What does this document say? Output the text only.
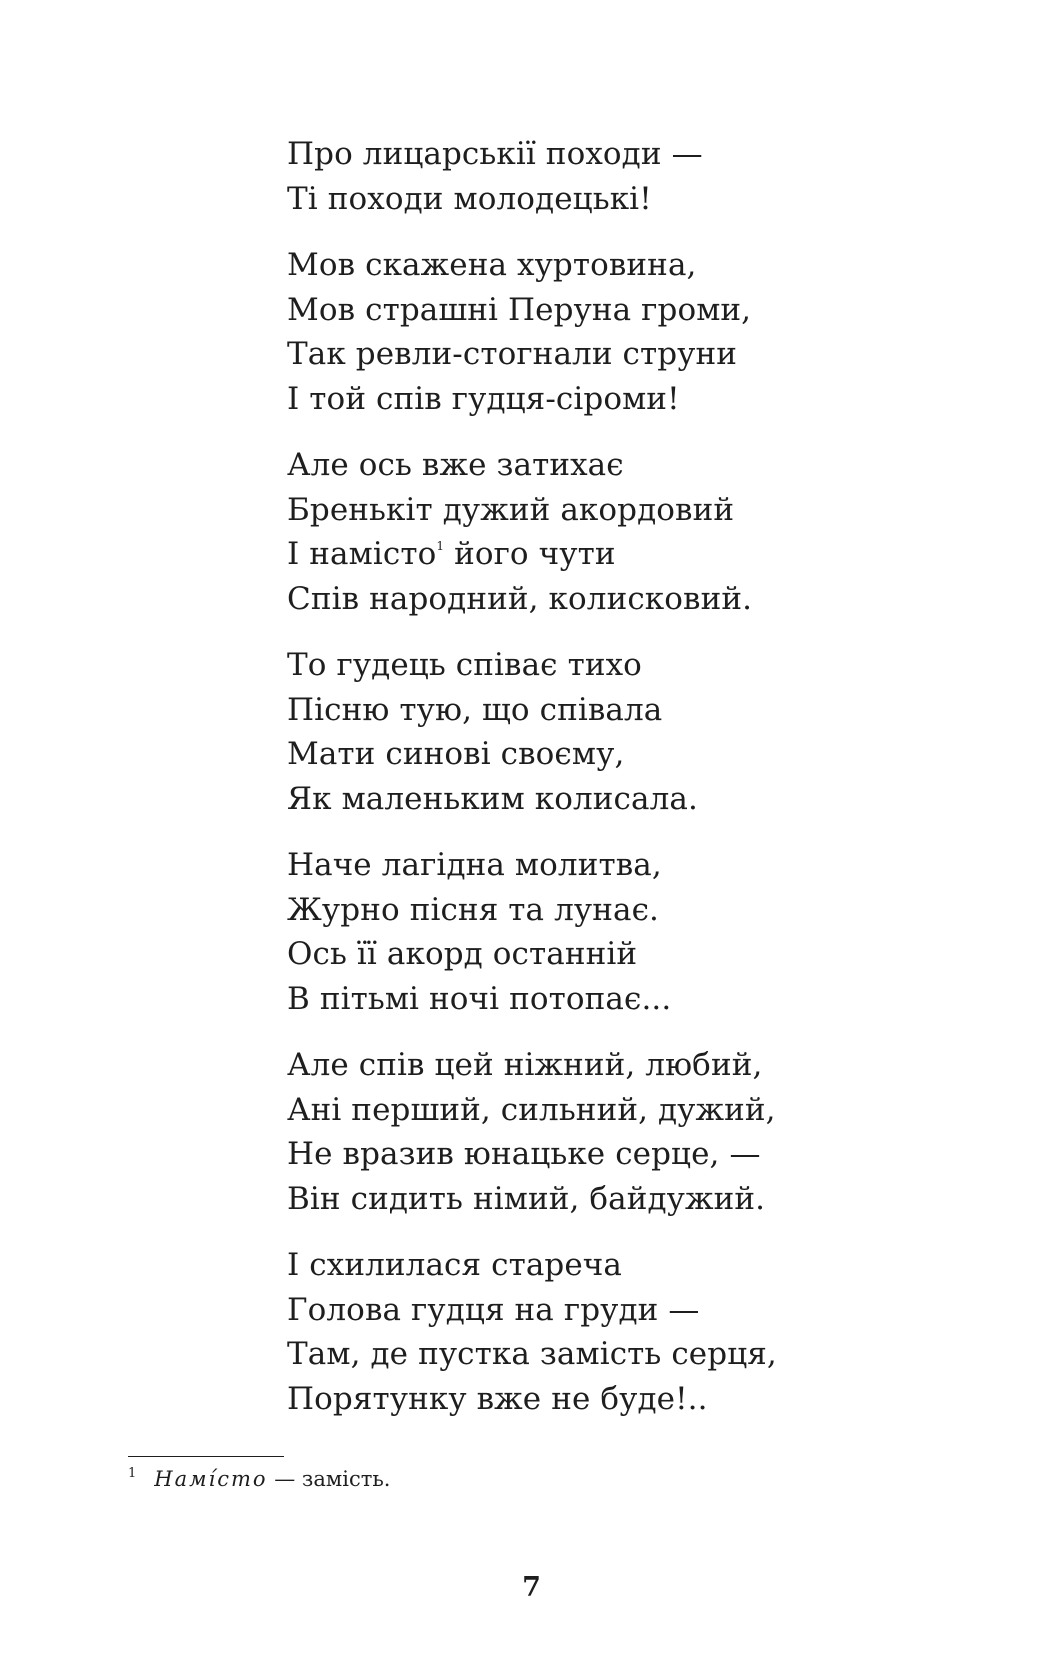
Про лицарськії походи —
Ті походи молодецькі!
Мов скажена хуртовина,
Мов страшні Перуна громи,
Так ревли-стогнали струни
І той спів гудця-сіроми!
Але ось вже затихає
Бренькіт дужий акордовий
І намісто$^1$ його чути
Спів народний, колисковий.
То гудець співає тихо
Пісню тую, що співала
Мати синові своєму,
Як маленьким колисала.
Наче лагідна молитва,
Журно пісня та лунає.
Ось її акорд останній
В пітьмі ночі потопає...
Але спів цей ніжний, любий,
Ані перший, сильний, дужий,
Не вразив юнацьке серце, —
Він сидить німий, байдужий.
І схилилася стареча
Голова гудця на груди —
Там, де пустка замість серця,
Порятунку вже не буде!..
$^1$ Намі́сто — замість.
7
